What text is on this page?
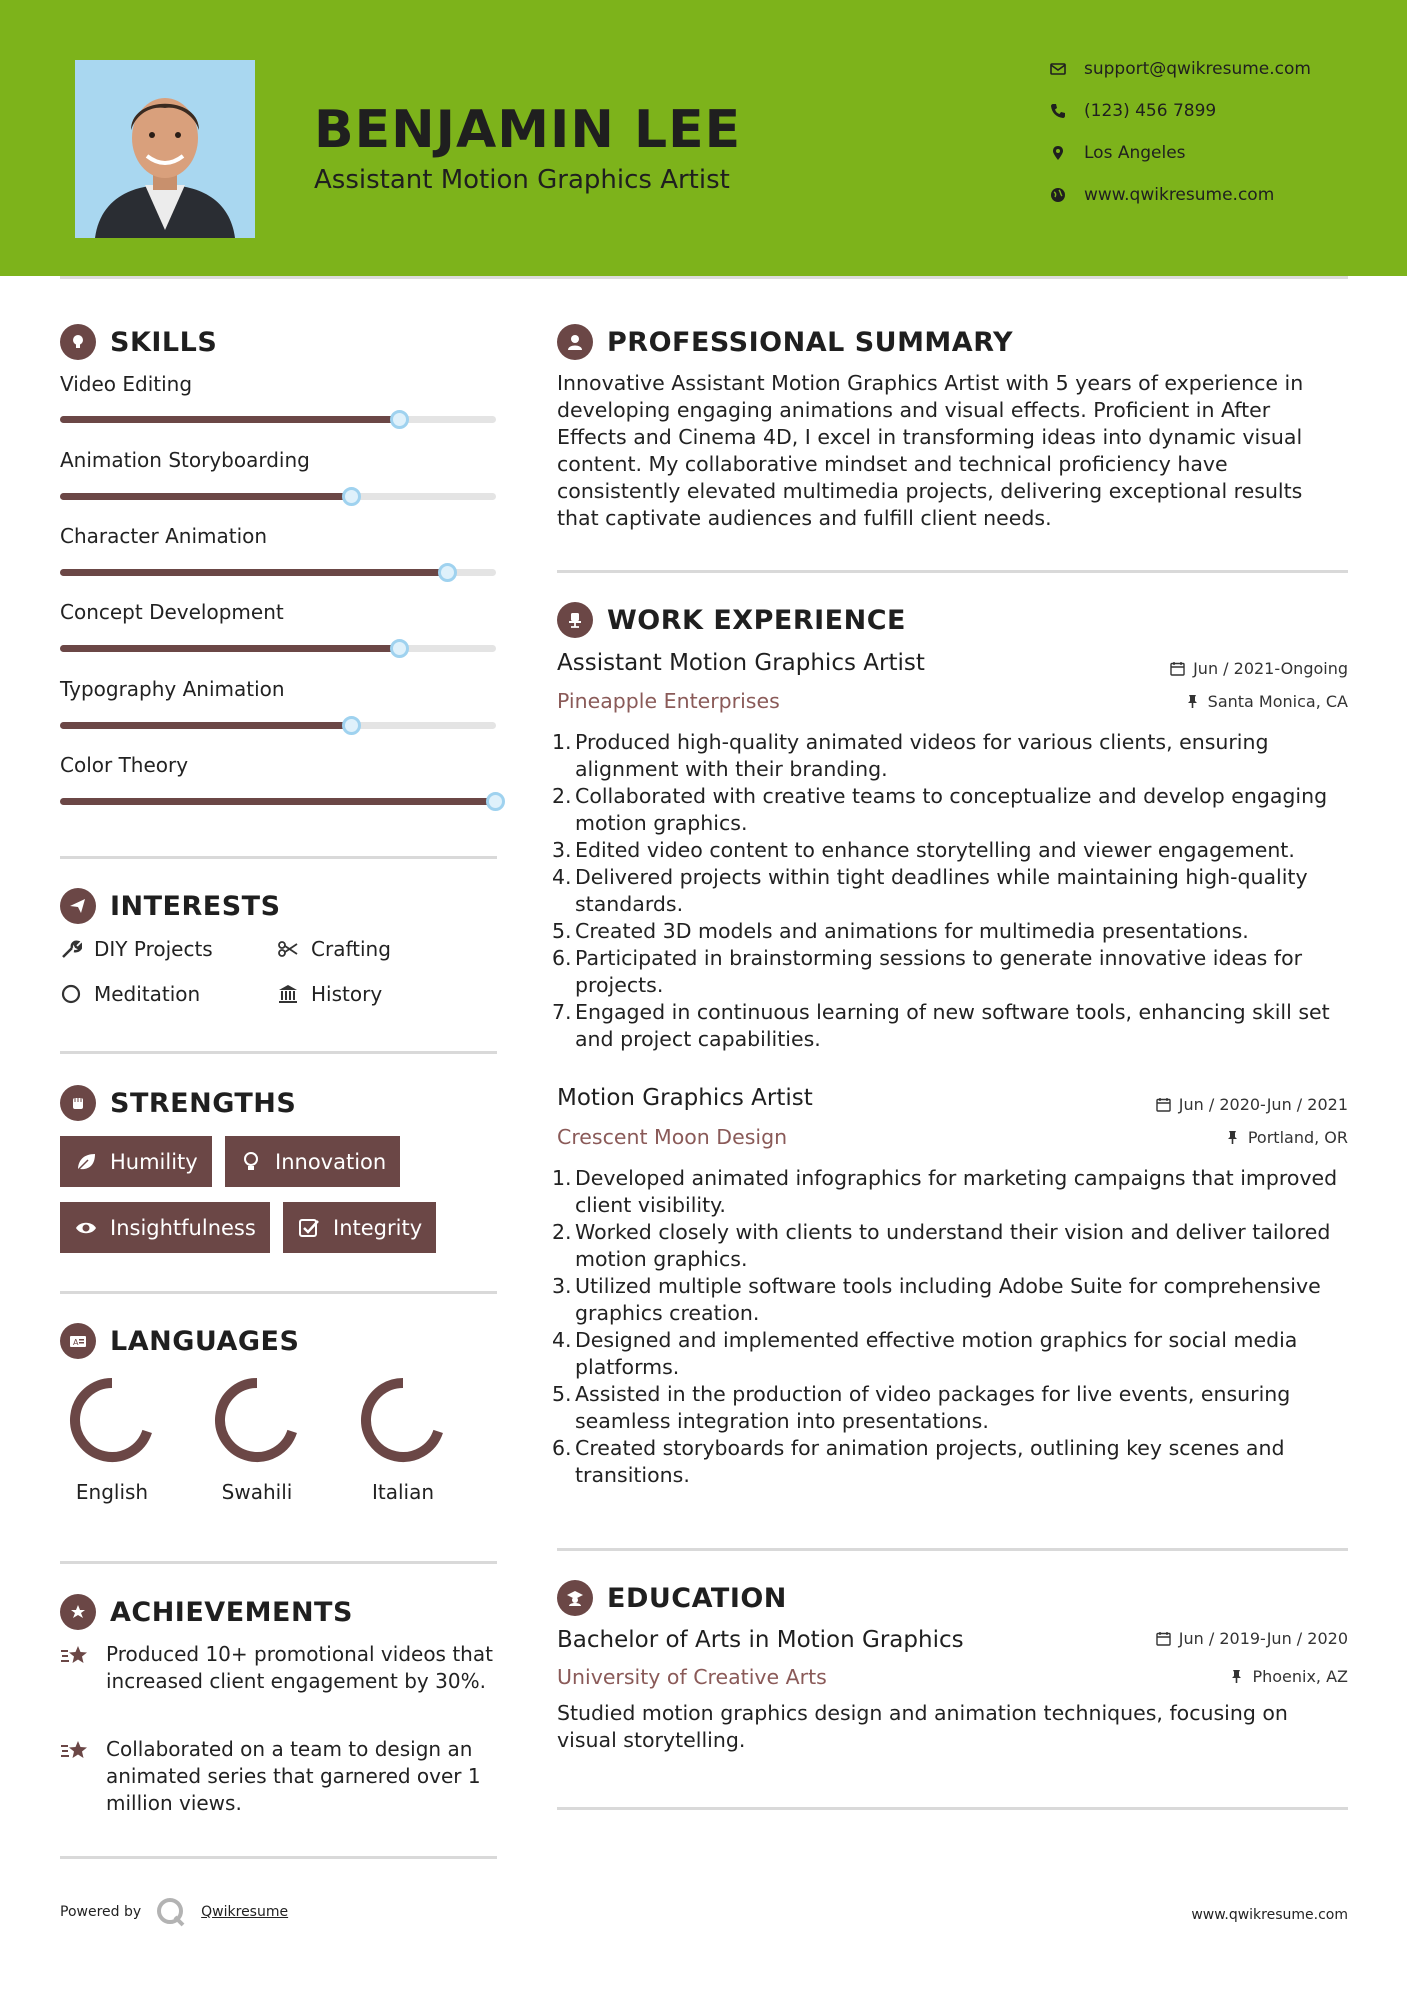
BENJAMIN LEE
Assistant Motion Graphics Artist
support@qwikresume.com
(123) 456 7899
Los Angeles
www.qwikresume.com
SKILLS
Video Editing
Animation Storyboarding
Character Animation
Concept Development
Typography Animation
Color Theory
INTERESTS
DIY Projects	Crafting
Meditation	History
STRENGTHS
Humility	Innovation
Insightfulness	Integrity
A LANGUAGES
English	Swahili	Italian
ACHIEVEMENTS
Produced 10+ promotional videos that increased client engagement by 30%.
Collaborated on a team to design an animated series that garnered over 1 million views.
PROFESSIONAL SUMMARY
Innovative Assistant Motion Graphics Artist with 5 years of experience in developing engaging animations and visual effects. Proficient in After Effects and Cinema 4D, I excel in transforming ideas into dynamic visual content. My collaborative mindset and technical proficiency have consistently elevated multimedia projects, delivering exceptional results that captivate audiences and fulfill client needs.
WORK EXPERIENCE
Assistant Motion Graphics Artist	Jun / 2021-Ongoing
Pineapple Enterprises	Santa Monica, CA
1. Produced high-quality animated videos for various clients, ensuring alignment with their branding.
2. Collaborated with creative teams to conceptualize and develop engaging motion graphics.
3. Edited video content to enhance storytelling and viewer engagement.
4. Delivered projects within tight deadlines while maintaining high-quality standards.
5. Created 3D models and animations for multimedia presentations.
6. Participated in brainstorming sessions to generate innovative ideas for projects.
7. Engaged in continuous learning of new software tools, enhancing skill set and project capabilities.
Motion Graphics Artist	Jun / 2020-Jun / 2021
Crescent Moon Design	Portland, OR
1. Developed animated infographics for marketing campaigns that improved client visibility.
2. Worked closely with clients to understand their vision and deliver tailored motion graphics.
3. Utilized multiple software tools including Adobe Suite for comprehensive graphics creation.
4. Designed and implemented effective motion graphics for social media platforms.
5. Assisted in the production of video packages for live events, ensuring seamless integration into presentations.
6. Created storyboards for animation projects, outlining key scenes and transitions.
EDUCATION
Bachelor of Arts in Motion Graphics	Jun / 2019-Jun / 2020
University of Creative Arts	Phoenix, AZ
Studied motion graphics design and animation techniques, focusing on visual storytelling.
Powered by	Qwikresume	www.qwikresume.com
